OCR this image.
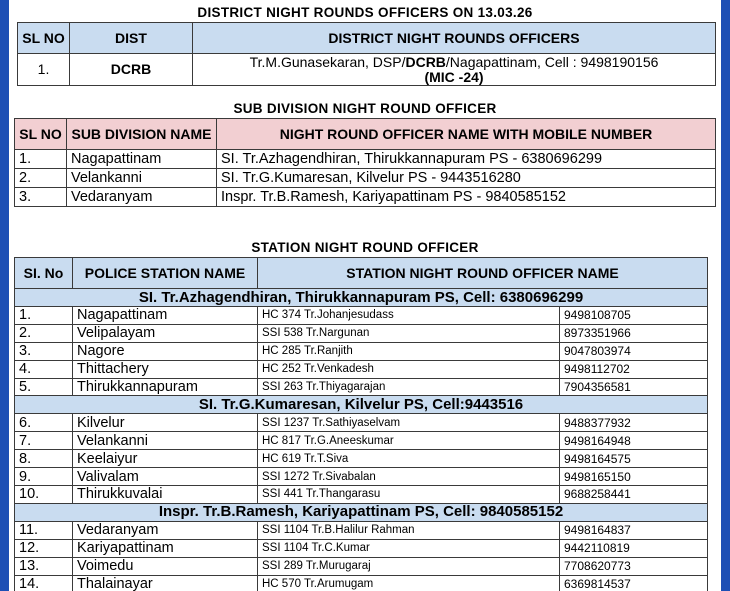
DISTRICT NIGHT ROUNDS OFFICERS ON 13.03.26
SL NO	DIST	DISTRICT NIGHT ROUNDS OFFICERS
1.	DCRB	Tr.M.Gunasekaran, DSP/DCRB/Nagapattinam, Cell : 9498190156
(MIC -24)
SUB DIVISION NIGHT ROUND OFFICER
SL NO	SUB DIVISION NAME	NIGHT ROUND OFFICER NAME WITH MOBILE NUMBER
1.	Nagapattinam	SI. Tr.Azhagendhiran, Thirukkannapuram PS - 6380696299
2.	Velankanni	SI. Tr.G.Kumaresan, Kilvelur PS - 9443516280
3.	Vedaranyam	Inspr. Tr.B.Ramesh, Kariyapattinam PS - 9840585152
STATION NIGHT ROUND OFFICER
SI. No	POLICE STATION NAME	STATION NIGHT ROUND OFFICER NAME	
SI. Tr.Azhagendhiran, Thirukkannapuram PS, Cell: 6380696299			
1.	Nagapattinam	HC 374 Tr.Johanjesudass	9498108705
2.	Velipalayam	SSI 538 Tr.Nargunan	8973351966
3.	Nagore	HC 285 Tr.Ranjith	9047803974
4.	Thittachery	HC 252 Tr.Venkadesh	9498112702
5.	Thirukkannapuram	SSI 263 Tr.Thiyagarajan	7904356581
SI. Tr.G.Kumaresan, Kilvelur PS, Cell:9443516			
6.	Kilvelur	SSI 1237 Tr.Sathiyaselvam	9488377932
7.	Velankanni	HC 817 Tr.G.Aneeskumar	9498164948
8.	Keelaiyur	HC 619 Tr.T.Siva	9498164575
9.	Valivalam	SSI 1272 Tr.Sivabalan	9498165150
10.	Thirukkuvalai	SSI 441 Tr.Thangarasu	9688258441
Inspr. Tr.B.Ramesh, Kariyapattinam PS, Cell: 9840585152			
11.	Vedaranyam	SSI 1104 Tr.B.Halilur Rahman	9498164837
12.	Kariyapattinam	SSI 1104 Tr.C.Kumar	9442110819
13.	Voimedu	SSI 289 Tr.Murugaraj	7708620773
14.	Thalainayar	HC 570 Tr.Arumugam	6369814537
